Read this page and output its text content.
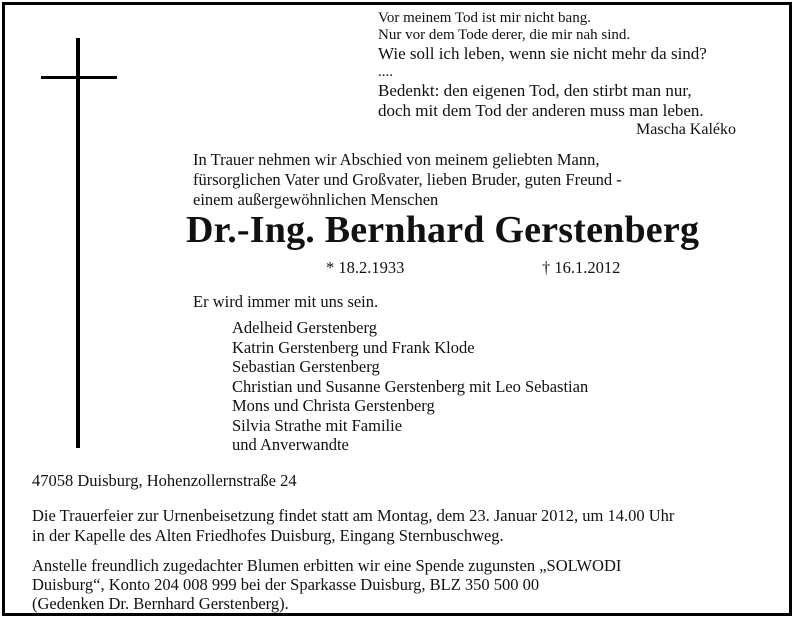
Vor meinem Tod ist mir nicht bang.
Nur vor dem Tode derer, die mir nah sind.
Wie soll ich leben, wenn sie nicht mehr da sind?
....
Bedenkt: den eigenen Tod, den stirbt man nur,
doch mit dem Tod der anderen muss man leben.
Mascha Kaléko
In Trauer nehmen wir Abschied von meinem geliebten Mann,
fürsorglichen Vater und Großvater, lieben Bruder, guten Freund -
einem außergewöhnlichen Menschen
Dr.-Ing. Bernhard Gerstenberg
* 18.2.1933	† 16.1.2012
Er wird immer mit uns sein.
Adelheid Gerstenberg
Katrin Gerstenberg und Frank Klode
Sebastian Gerstenberg
Christian und Susanne Gerstenberg mit Leo Sebastian
Mons und Christa Gerstenberg
Silvia Strathe mit Familie
und Anverwandte
47058 Duisburg, Hohenzollernstraße 24
Die Trauerfeier zur Urnenbeisetzung findet statt am Montag, dem 23. Januar 2012, um 14.00 Uhr
in der Kapelle des Alten Friedhofes Duisburg, Eingang Sternbuschweg.
Anstelle freundlich zugedachter Blumen erbitten wir eine Spende zugunsten „SOLWODI
Duisburg“, Konto 204 008 999 bei der Sparkasse Duisburg, BLZ 350 500 00
(Gedenken Dr. Bernhard Gerstenberg).
